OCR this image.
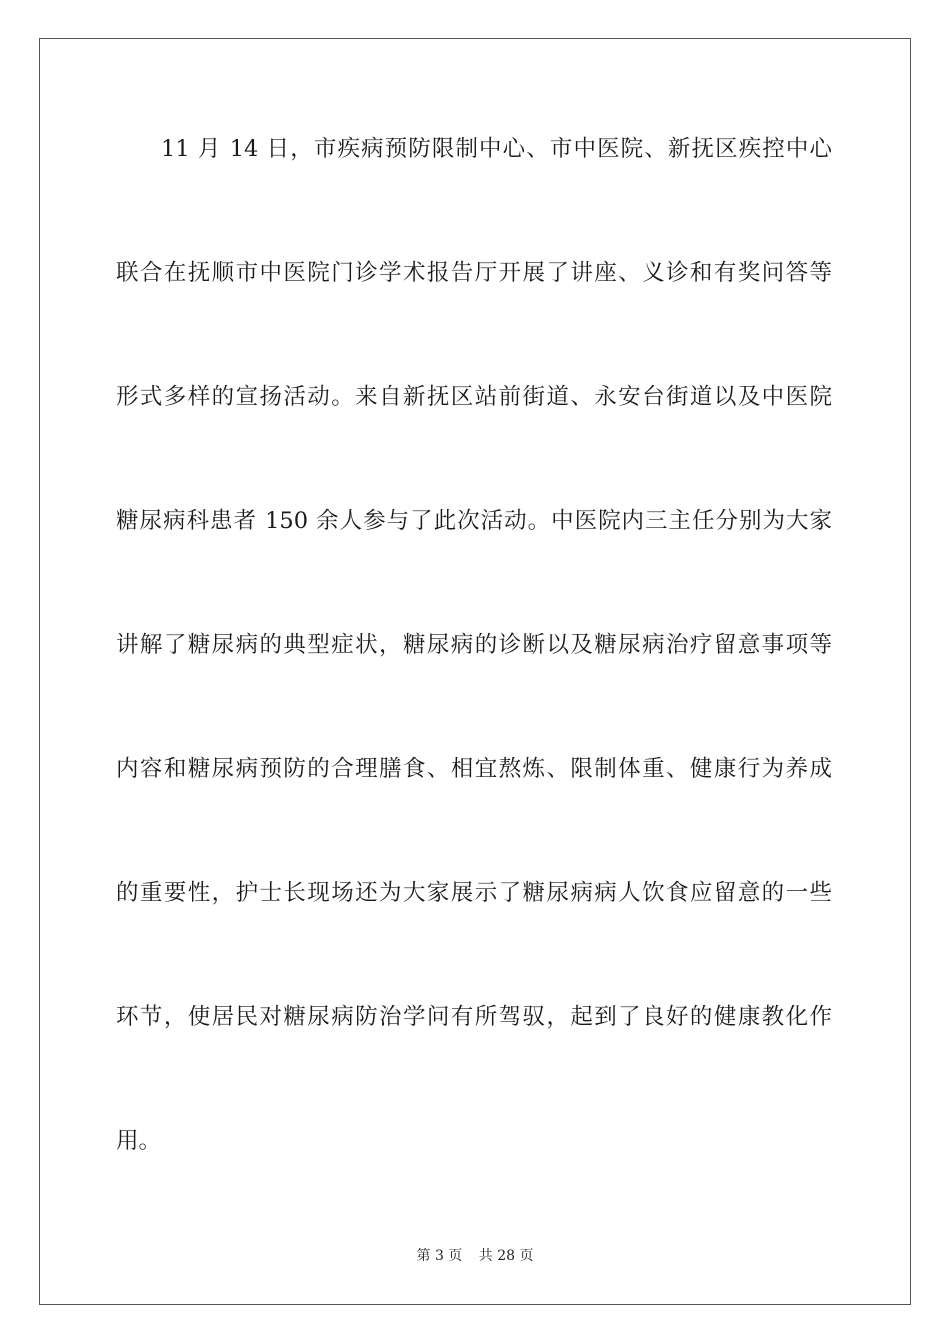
11 月 14 日，市疾病预防限制中心、市中医院、新抚区疾控中心
联合在抚顺市中医院门诊学术报告厅开展了讲座、义诊和有奖问答等
形式多样的宣扬活动。来自新抚区站前街道、永安台街道以及中医院
糖尿病科患者 150 余人参与了此次活动。中医院内三主任分别为大家
讲解了糖尿病的典型症状，糖尿病的诊断以及糖尿病治疗留意事项等
内容和糖尿病预防的合理膳食、相宜熬炼、限制体重、健康行为养成
的重要性，护士长现场还为大家展示了糖尿病病人饮食应留意的一些
环节，使居民对糖尿病防治学问有所驾驭，起到了良好的健康教化作
用。
第 3 页 共 28 页
